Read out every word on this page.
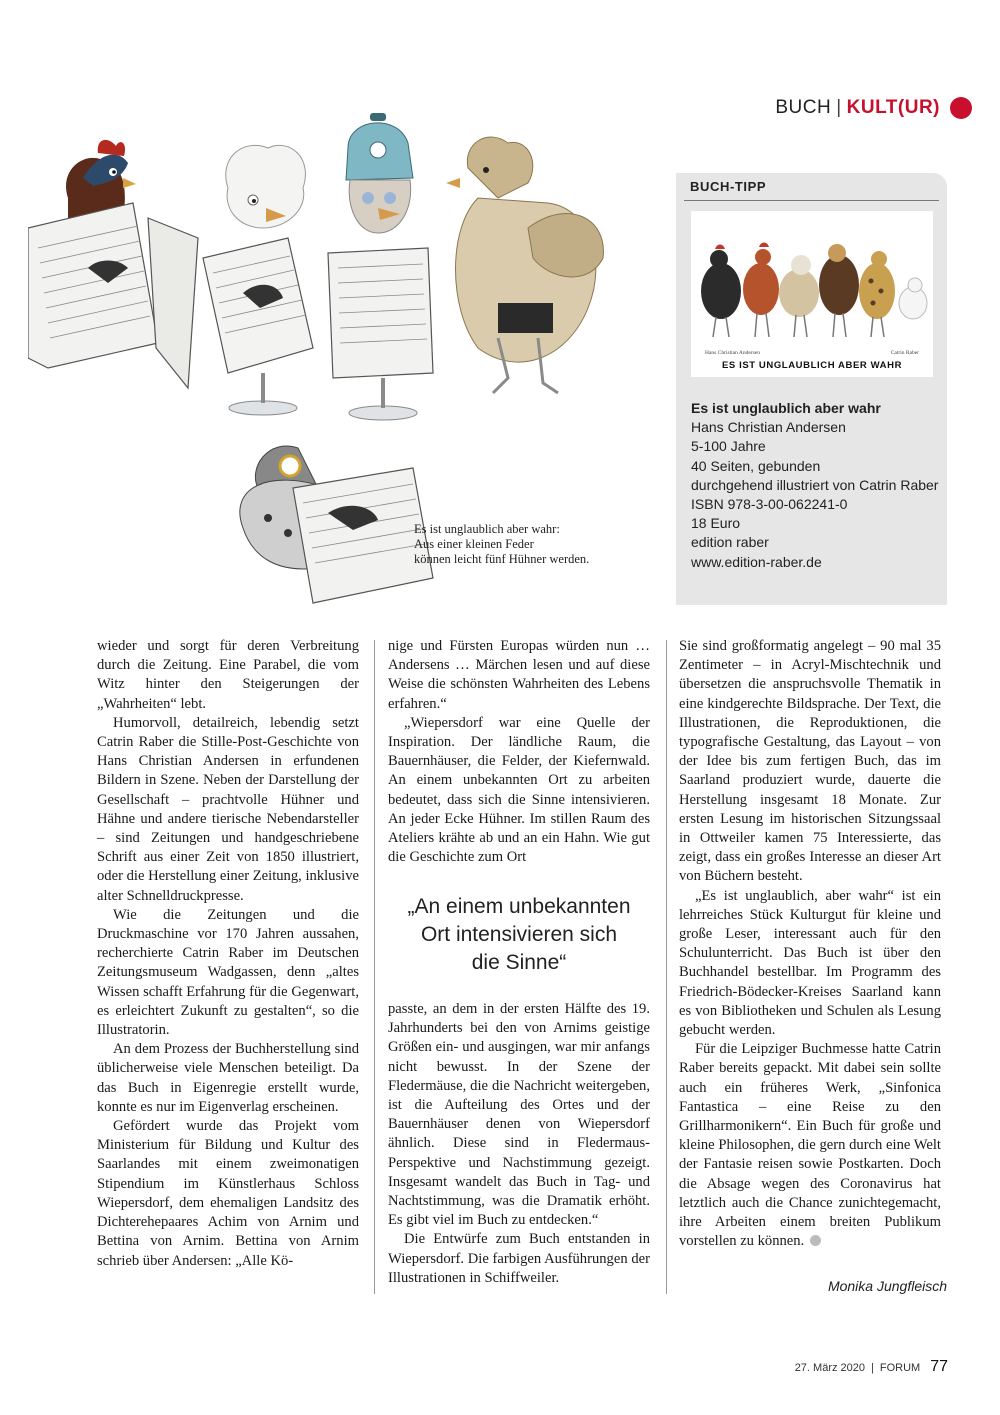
BUCH | KULT(UR)
Es ist unglaublich aber wahr:
Aus einer kleinen Feder
können leicht fünf Hühner werden.
BUCH-TIPP
Hans Christian Andersen	Catrin Raber
ES IST UNGLAUBLICH ABER WAHR
Es ist unglaublich aber wahr
Hans Christian Andersen
5-100 Jahre
40 Seiten, gebunden
durchgehend illustriert von Catrin Raber
ISBN 978-3-00-062241-0
18 Euro
edition raber
www.edition-raber.de

wieder und sorgt für deren Verbreitung durch die Zeitung. Eine Parabel, die vom Witz hinter den Steigerungen der „Wahrheiten“ lebt.

Humorvoll, detailreich, lebendig setzt Catrin Raber die Stille-Post-Geschichte von Hans Christian Andersen in erfundenen Bildern in Szene. Neben der Darstellung der Gesellschaft – prachtvolle Hühner und Hähne und andere tierische Nebendarsteller – sind Zeitungen und handgeschriebene Schrift aus einer Zeit von 1850 illustriert, oder die Herstellung einer Zeitung, inklusive alter Schnelldruckpresse.

Wie die Zeitungen und die Druckmaschine vor 170 Jahren aussahen, recherchierte Catrin Raber im Deutschen Zeitungsmuseum Wadgassen, denn „altes Wissen schafft Erfahrung für die Gegenwart, es erleichtert Zukunft zu gestalten“, so die Illustratorin.

An dem Prozess der Buchherstellung sind üblicherweise viele Menschen beteiligt. Da das Buch in Eigenregie erstellt wurde, konnte es nur im Eigenverlag erscheinen.

Gefördert wurde das Projekt vom Ministerium für Bildung und Kultur des Saarlandes mit einem zweimonatigen Stipendium im Künstlerhaus Schloss Wiepersdorf, dem ehemaligen Landsitz des Dichterehepaares Achim von Arnim und Bettina von Arnim. Bettina von Arnim schrieb über Andersen: „Alle Kö-

nige und Fürsten Europas würden nun … Andersens … Märchen lesen und auf diese Weise die schönsten Wahrheiten des Lebens erfahren.“

„Wiepersdorf war eine Quelle der Inspiration. Der ländliche Raum, die Bauernhäuser, die Felder, der Kiefernwald. An einem unbekannten Ort zu arbeiten bedeutet, dass sich die Sinne intensivieren. An jeder Ecke Hühner. Im stillen Raum des Ateliers krähte ab und an ein Hahn. Wie gut die Geschichte zum Ort

„An einem unbekannten
Ort intensivieren sich
die Sinne“

passte, an dem in der ersten Hälfte des 19. Jahrhunderts bei den von Arnims geistige Größen ein- und ausgingen, war mir anfangs nicht bewusst. In der Szene der Fledermäuse, die die Nachricht weitergeben, ist die Aufteilung des Ortes und der Bauernhäuser denen von Wiepersdorf ähnlich. Diese sind in Fledermaus-Perspektive und Nachstimmung gezeigt. Insgesamt wandelt das Buch in Tag- und Nachtstimmung, was die Dramatik erhöht. Es gibt viel im Buch zu entdecken.“

Die Entwürfe zum Buch entstanden in Wiepersdorf. Die farbigen Ausführungen der Illustrationen in Schiffweiler.

Sie sind großformatig angelegt – 90 mal 35 Zentimeter – in Acryl-Mischtechnik und übersetzen die anspruchsvolle Thematik in eine kindgerechte Bildsprache. Der Text, die Illustrationen, die Reproduktionen, die typografische Gestaltung, das Layout – von der Idee bis zum fertigen Buch, das im Saarland produziert wurde, dauerte die Herstellung insgesamt 18 Monate. Zur ersten Lesung im historischen Sitzungssaal in Ottweiler kamen 75 Interessierte, das zeigt, dass ein großes Interesse an dieser Art von Büchern besteht.

„Es ist unglaublich, aber wahr“ ist ein lehrreiches Stück Kulturgut für kleine und große Leser, interessant auch für den Schulunterricht. Das Buch ist über den Buchhandel bestellbar. Im Programm des Friedrich-Bödecker-Kreises Saarland kann es von Bibliotheken und Schulen als Lesung gebucht werden.

Für die Leipziger Buchmesse hatte Catrin Raber bereits gepackt. Mit dabei sein sollte auch ein früheres Werk, „Sinfonica Fantastica – eine Reise zu den Grillharmonikern“. Ein Buch für große und kleine Philosophen, die gern durch eine Welt der Fantasie reisen sowie Postkarten. Doch die Absage wegen des Coronavirus hat letztlich auch die Chance zunichtegemacht, ihre Arbeiten einem breiten Publikum vorstellen zu können.

Monika Jungfleisch
27. März 2020 | FORUM 77
